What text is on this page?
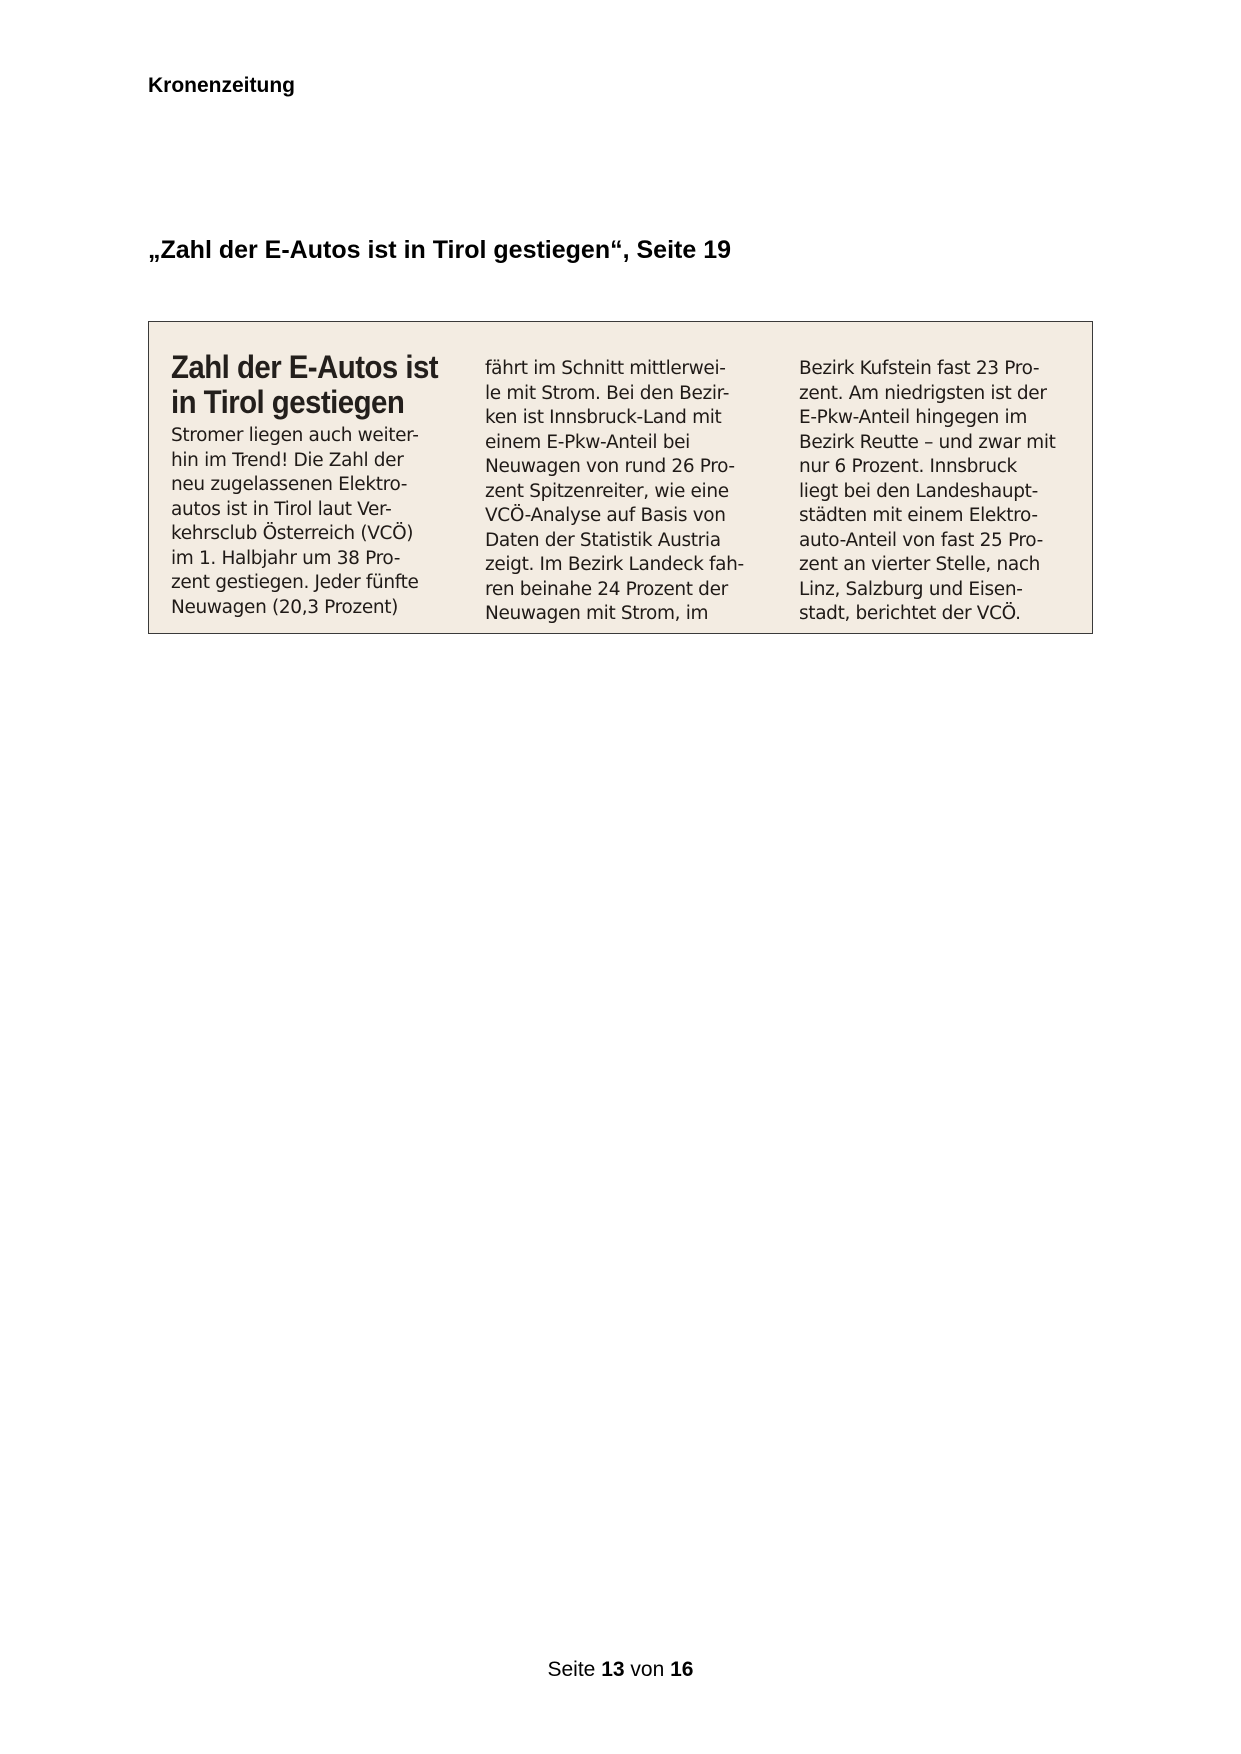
Kronenzeitung
„Zahl der E-Autos ist in Tirol gestiegen“, Seite 19
Zahl der E-Autos ist
in Tirol gestiegen
Stromer liegen auch weiter-
hin im Trend! Die Zahl der
neu zugelassenen Elektro-
autos ist in Tirol laut Ver-
kehrsclub Österreich (VCÖ)
im 1. Halbjahr um 38 Pro-
zent gestiegen. Jeder fünfte
Neuwagen (20,3 Prozent)
fährt im Schnitt mittlerwei-
le mit Strom. Bei den Bezir-
ken ist Innsbruck-Land mit
einem E-Pkw-Anteil bei
Neuwagen von rund 26 Pro-
zent Spitzenreiter, wie eine
VCÖ-Analyse auf Basis von
Daten der Statistik Austria
zeigt. Im Bezirk Landeck fah-
ren beinahe 24 Prozent der
Neuwagen mit Strom, im
Bezirk Kufstein fast 23 Pro-
zent. Am niedrigsten ist der
E-Pkw-Anteil hingegen im
Bezirk Reutte – und zwar mit
nur 6 Prozent. Innsbruck
liegt bei den Landeshaupt-
städten mit einem Elektro-
auto-Anteil von fast 25 Pro-
zent an vierter Stelle, nach
Linz, Salzburg und Eisen-
stadt, berichtet der VCÖ.
Seite 13 von 16
